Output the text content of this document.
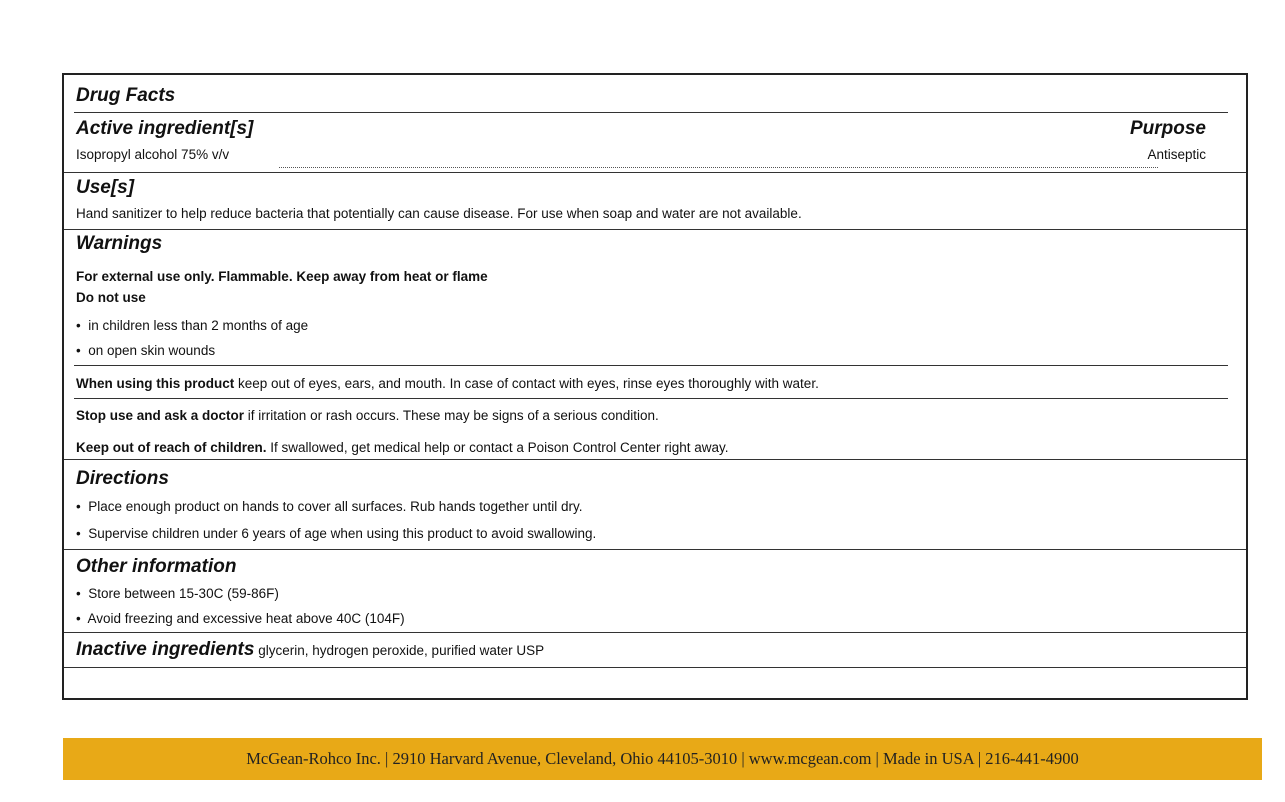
Drug Facts
Active ingredient[s]	Purpose
Isopropyl alcohol 75% v/v	Antiseptic
Use[s]
Hand sanitizer to help reduce bacteria that potentially can cause disease. For use when soap and water are not available.
Warnings
For external use only. Flammable. Keep away from heat or flame
Do not use
•  in children less than 2 months of age
•  on open skin wounds
When using this product keep out of eyes, ears, and mouth. In case of contact with eyes, rinse eyes thoroughly with water.
Stop use and ask a doctor if irritation or rash occurs. These may be signs of a serious condition.
Keep out of reach of children. If swallowed, get medical help or contact a Poison Control Center right away.
Directions
•  Place enough product on hands to cover all surfaces. Rub hands together until dry.
•  Supervise children under 6 years of age when using this product to avoid swallowing.
Other information
•  Store between 15-30C (59-86F)
•  Avoid freezing and excessive heat above 40C (104F)
Inactive ingredients glycerin, hydrogen peroxide, purified water USP
McGean-Rohco Inc. | 2910 Harvard Avenue, Cleveland, Ohio 44105-3010 | www.mcgean.com | Made in USA | 216-441-4900
